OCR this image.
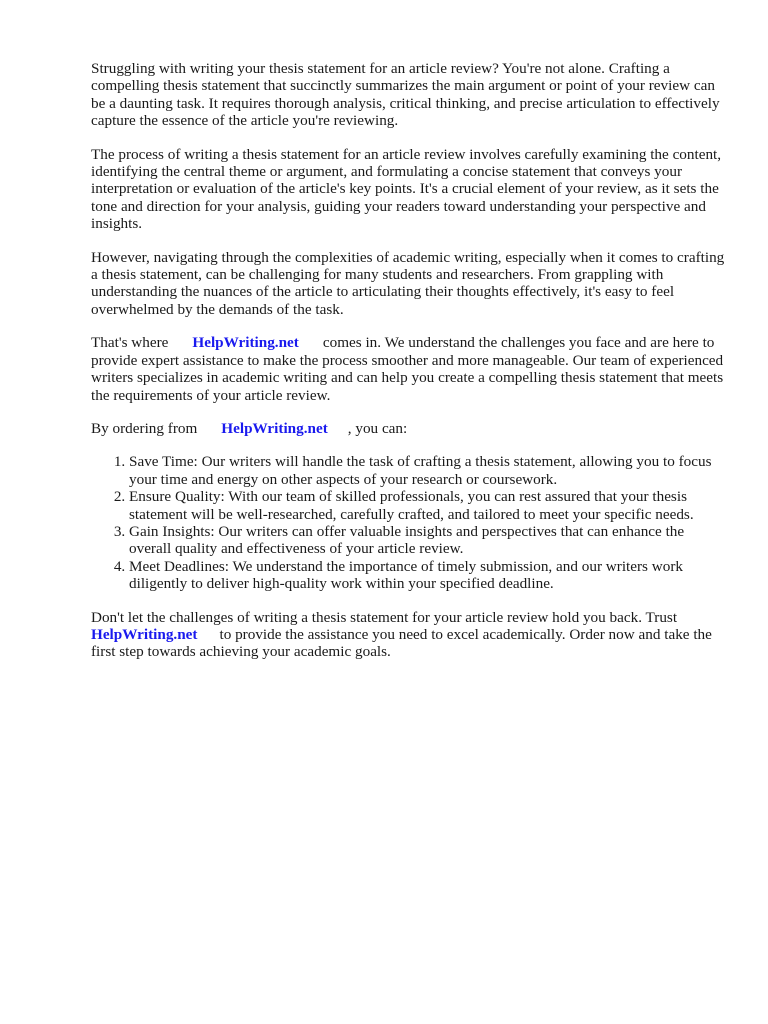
Struggling with writing your thesis statement for an article review? You're not alone. Crafting a compelling thesis statement that succinctly summarizes the main argument or point of your review can be a daunting task. It requires thorough analysis, critical thinking, and precise articulation to effectively capture the essence of the article you're reviewing.

The process of writing a thesis statement for an article review involves carefully examining the content, identifying the central theme or argument, and formulating a concise statement that conveys your interpretation or evaluation of the article's key points. It's a crucial element of your review, as it sets the tone and direction for your analysis, guiding your readers toward understanding your perspective and insights.

However, navigating through the complexities of academic writing, especially when it comes to crafting a thesis statement, can be challenging for many students and researchers. From grappling with understanding the nuances of the article to articulating their thoughts effectively, it's easy to feel overwhelmed by the demands of the task.

That's where HelpWriting.net comes in. We understand the challenges you face and are here to provide expert assistance to make the process smoother and more manageable. Our team of experienced writers specializes in academic writing and can help you create a compelling thesis statement that meets the requirements of your article review.

By ordering from HelpWriting.net , you can:

1. Save Time: Our writers will handle the task of crafting a thesis statement, allowing you to focus your time and energy on other aspects of your research or coursework.
2. Ensure Quality: With our team of skilled professionals, you can rest assured that your thesis statement will be well-researched, carefully crafted, and tailored to meet your specific needs.
3. Gain Insights: Our writers can offer valuable insights and perspectives that can enhance the overall quality and effectiveness of your article review.
4. Meet Deadlines: We understand the importance of timely submission, and our writers work diligently to deliver high-quality work within your specified deadline.

Don't let the challenges of writing a thesis statement for your article review hold you back. Trust HelpWriting.net to provide the assistance you need to excel academically. Order now and take the first step towards achieving your academic goals.
